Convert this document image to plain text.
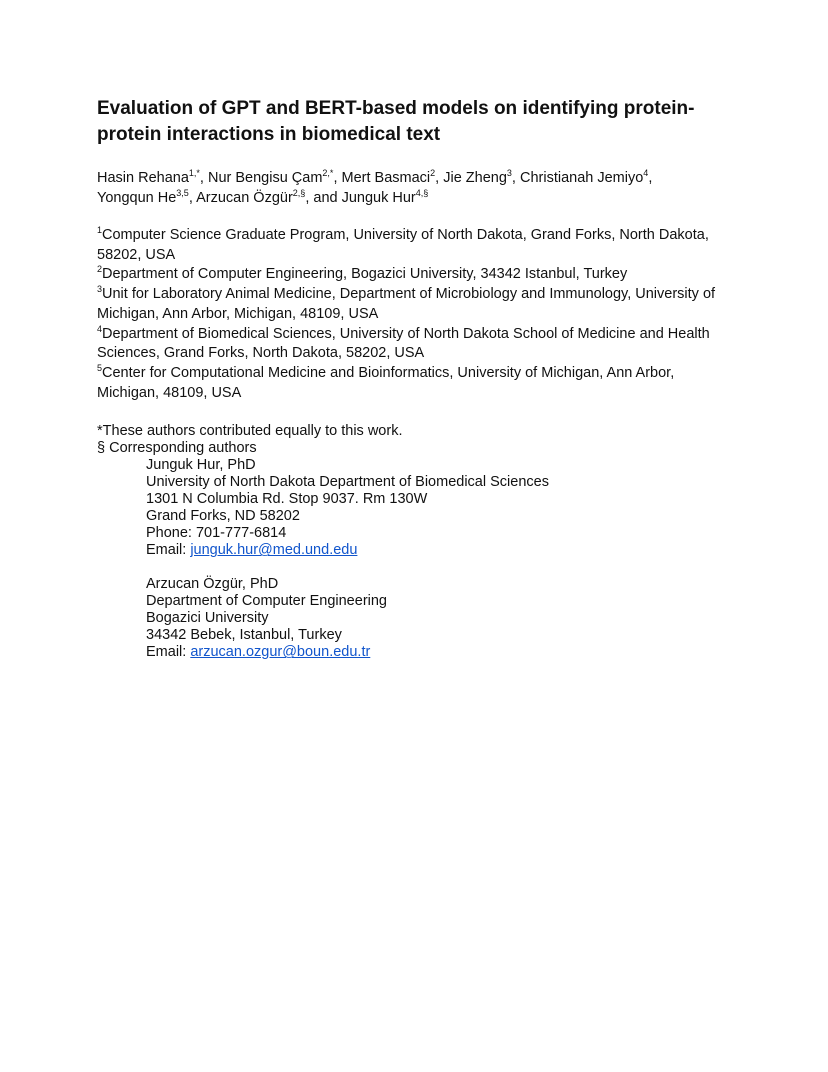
Evaluation of GPT and BERT-based models on identifying protein-protein interactions in biomedical text
Hasin Rehana$^{1,*}$, Nur Bengisu Çam$^{2,*}$, Mert Basmaci$^2$, Jie Zheng$^3$, Christianah Jemiyo$^4$,
Yongqun He$^{3,5}$, Arzucan Özgür$^{2,\S}$, and Junguk Hur$^{4,\S}$

$^1$Computer Science Graduate Program, University of North Dakota, Grand Forks, North Dakota, 58202, USA

$^2$Department of Computer Engineering, Bogazici University, 34342 Istanbul, Turkey

$^3$Unit for Laboratory Animal Medicine, Department of Microbiology and Immunology, University of Michigan, Ann Arbor, Michigan, 48109, USA

$^4$Department of Biomedical Sciences, University of North Dakota School of Medicine and Health Sciences, Grand Forks, North Dakota, 58202, USA

$^5$Center for Computational Medicine and Bioinformatics, University of Michigan, Ann Arbor, Michigan, 48109, USA

*These authors contributed equally to this work.

§ Corresponding authors

Junguk Hur, PhD

University of North Dakota Department of Biomedical Sciences

1301 N Columbia Rd. Stop 9037. Rm 130W

Grand Forks, ND 58202

Phone: 701-777-6814

Email: junguk.hur@med.und.edu

Arzucan Özgür, PhD

Department of Computer Engineering

Bogazici University

34342 Bebek, Istanbul, Turkey

Email: arzucan.ozgur@boun.edu.tr
